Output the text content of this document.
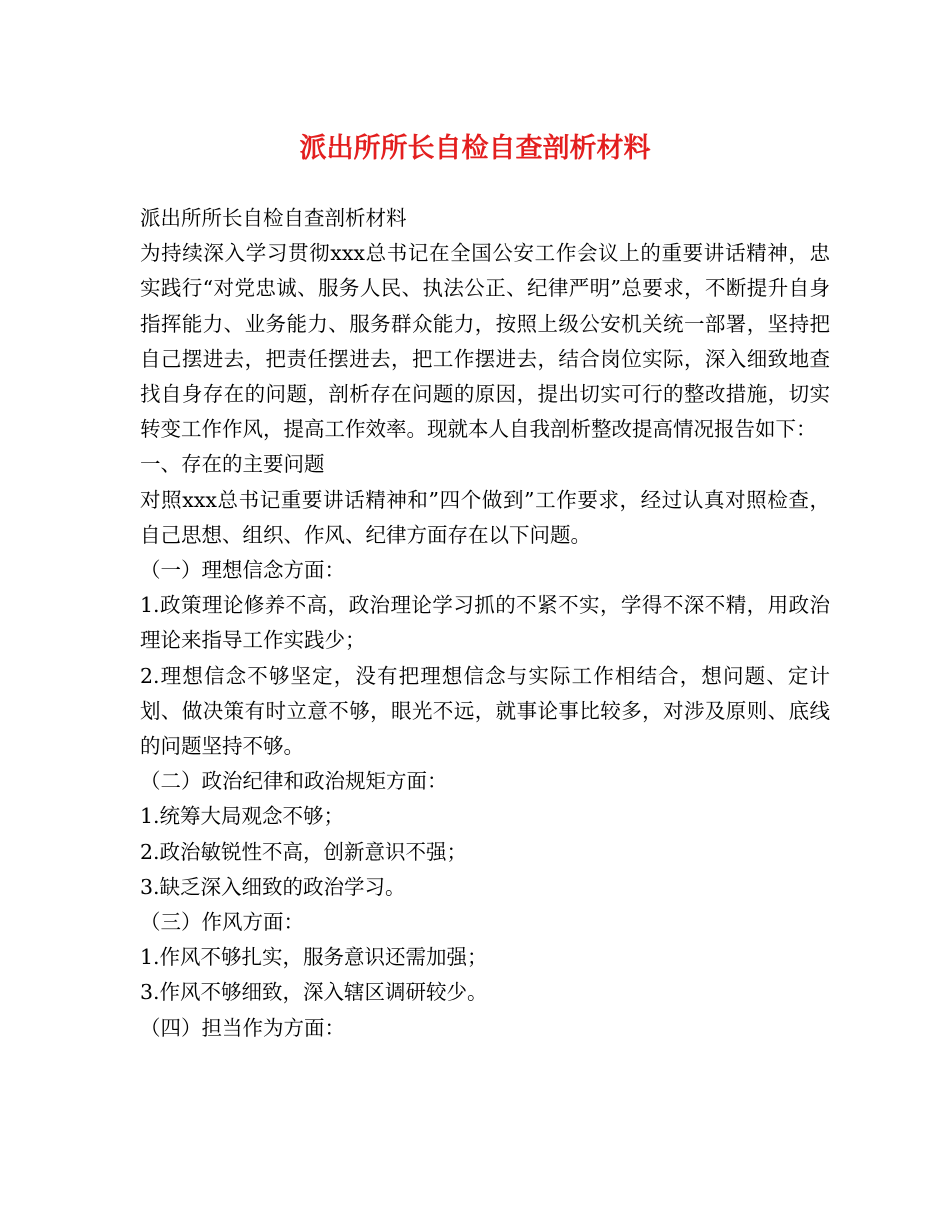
派出所所长自检自查剖析材料

派出所所长自检自查剖析材料

为持续深入学习贯彻xxx总书记在全国公安工作会议上的重要讲话精神，忠实践行“对党忠诚、服务人民、执法公正、纪律严明”总要求，不断提升自身指挥能力、业务能力、服务群众能力，按照上级公安机关统一部署，坚持把自己摆进去，把责任摆进去，把工作摆进去，结合岗位实际，深入细致地查找自身存在的问题，剖析存在问题的原因，提出切实可行的整改措施，切实转变工作作风，提高工作效率。现就本人自我剖析整改提高情况报告如下：

一、存在的主要问题

对照xxx总书记重要讲话精神和”四个做到”工作要求，经过认真对照检查，自己思想、组织、作风、纪律方面存在以下问题。

（一）理想信念方面：

1.政策理论修养不高，政治理论学习抓的不紧不实，学得不深不精，用政治理论来指导工作实践少；

2.理想信念不够坚定，没有把理想信念与实际工作相结合，想问题、定计划、做决策有时立意不够，眼光不远，就事论事比较多，对涉及原则、底线的问题坚持不够。

（二）政治纪律和政治规矩方面：

1.统筹大局观念不够；

2.政治敏锐性不高，创新意识不强；

3.缺乏深入细致的政治学习。

（三）作风方面：

1.作风不够扎实，服务意识还需加强；

3.作风不够细致，深入辖区调研较少。

（四）担当作为方面：
